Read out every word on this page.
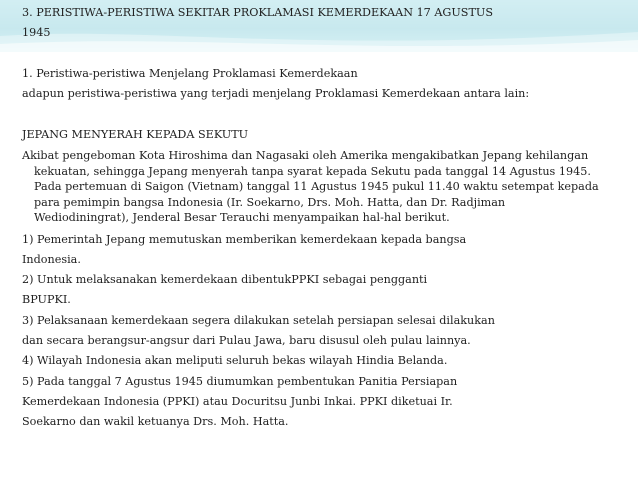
3. PERISTIWA-PERISTIWA SEKITAR PROKLAMASI KEMERDEKAAN 17 AGUSTUS
1945
1. Peristiwa-peristiwa Menjelang Proklamasi Kemerdekaan
adapun peristiwa-peristiwa yang terjadi menjelang Proklamasi Kemerdekaan antara lain:
JEPANG MENYERAH KEPADA SEKUTU
Akibat pengeboman Kota Hiroshima dan Nagasaki oleh Amerika mengakibatkan Jepang kehilangan
kekuatan, sehingga Jepang menyerah tanpa syarat kepada Sekutu pada tanggal 14 Agustus 1945.
Pada pertemuan di Saigon (Vietnam) tanggal 11 Agustus 1945 pukul 11.40 waktu setempat kepada
para pemimpin bangsa Indonesia (Ir. Soekarno, Drs. Moh. Hatta, dan Dr. Radjiman
Wediodiningrat), Jenderal Besar Terauchi menyampaikan hal-hal berikut.
1) Pemerintah Jepang memutuskan memberikan kemerdekaan kepada bangsa
Indonesia.
2) Untuk melaksanakan kemerdekaan dibentukPPKI sebagai pengganti
BPUPKI.
3) Pelaksanaan kemerdekaan segera dilakukan setelah persiapan selesai dilakukan
dan secara berangsur-angsur dari Pulau Jawa, baru disusul oleh pulau lainnya.
4) Wilayah Indonesia akan meliputi seluruh bekas wilayah Hindia Belanda.
5) Pada tanggal 7 Agustus 1945 diumumkan pembentukan Panitia Persiapan
Kemerdekaan Indonesia (PPKI) atau Docuritsu Junbi Inkai. PPKI diketuai Ir.
Soekarno dan wakil ketuanya Drs. Moh. Hatta.
